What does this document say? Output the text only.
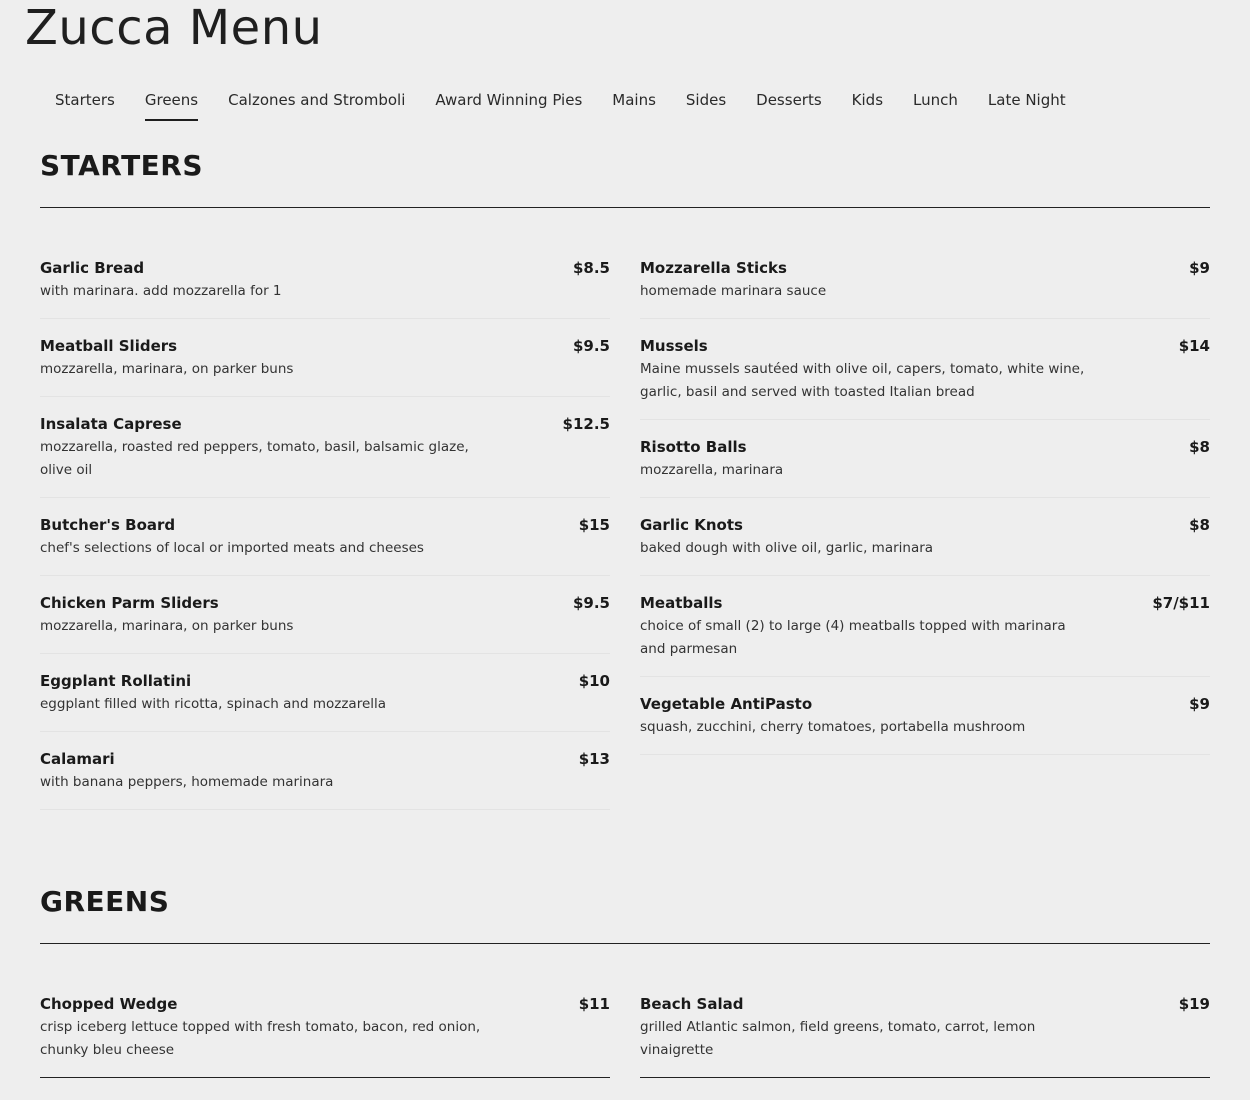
Zucca Menu
Starters Greens Calzones and Stromboli Award Winning Pies Mains Sides Desserts Kids Lunch Late Night
STARTERS
Garlic Bread
with marinara. add mozzarella for 1
$8.5
Meatball Sliders
mozzarella, marinara, on parker buns
$9.5
Insalata Caprese
mozzarella, roasted red peppers, tomato, basil, balsamic glaze, olive oil
$12.5
Butcher's Board
chef's selections of local or imported meats and cheeses
$15
Chicken Parm Sliders
mozzarella, marinara, on parker buns
$9.5
Eggplant Rollatini
eggplant filled with ricotta, spinach and mozzarella
$10
Calamari
with banana peppers, homemade marinara
$13
Mozzarella Sticks
homemade marinara sauce
$9
Mussels
Maine mussels sautéed with olive oil, capers, tomato, white wine, garlic, basil and served with toasted Italian bread
$14
Risotto Balls
mozzarella, marinara
$8
Garlic Knots
baked dough with olive oil, garlic, marinara
$8
Meatballs
choice of small (2) to large (4) meatballs topped with marinara and parmesan
$7/$11
Vegetable AntiPasto
squash, zucchini, cherry tomatoes, portabella mushroom
$9
GREENS
Chopped Wedge
crisp iceberg lettuce topped with fresh tomato, bacon, red onion, chunky bleu cheese
$11 Beach Salad
grilled Atlantic salmon, field greens, tomato, carrot, lemon vinaigrette
$19
